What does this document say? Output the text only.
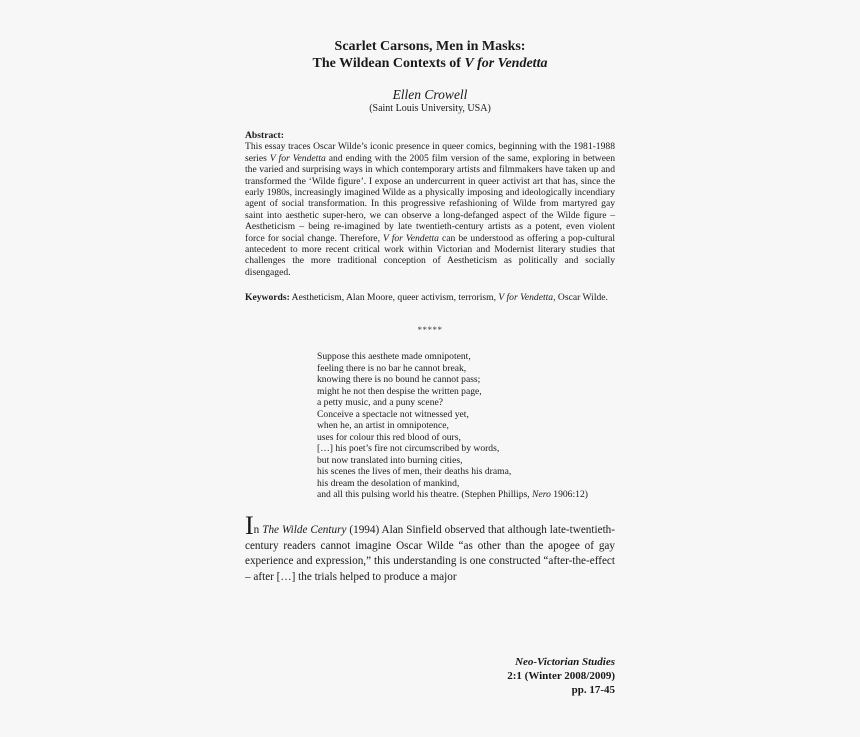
Scarlet Carsons, Men in Masks:
The Wildean Contexts of V for Vendetta
Ellen Crowell
(Saint Louis University, USA)
Abstract:
This essay traces Oscar Wilde’s iconic presence in queer comics, beginning with the 1981-1988 series V for Vendetta and ending with the 2005 film version of the same, exploring in between the varied and surprising ways in which contemporary artists and filmmakers have taken up and transformed the ‘Wilde figure’. I expose an undercurrent in queer activist art that has, since the early 1980s, increasingly imagined Wilde as a physically imposing and ideologically incendiary agent of social transformation. In this progressive refashioning of Wilde from martyred gay saint into aesthetic super-hero, we can observe a long-defanged aspect of the Wilde figure –Aestheticism – being re-imagined by late twentieth-century artists as a potent, even violent force for social change. Therefore, V for Vendetta can be understood as offering a pop-cultural antecedent to more recent critical work within Victorian and Modernist literary studies that challenges the more traditional conception of Aestheticism as politically and socially disengaged.
Keywords: Aestheticism, Alan Moore, queer activism, terrorism, V for Vendetta, Oscar Wilde.
*****
Suppose this aesthete made omnipotent,
feeling there is no bar he cannot break,
knowing there is no bound he cannot pass;
might he not then despise the written page,
a petty music, and a puny scene?
Conceive a spectacle not witnessed yet,
when he, an artist in omnipotence,
uses for colour this red blood of ours,
[…] his poet’s fire not circumscribed by words,
but now translated into burning cities,
his scenes the lives of men, their deaths his drama,
his dream the desolation of mankind,
and all this pulsing world his theatre. (Stephen Phillips, Nero 1906:12)
In The Wilde Century (1994) Alan Sinfield observed that although late-twentieth-century readers cannot imagine Oscar Wilde “as other than the apogee of gay experience and expression,” this understanding is one constructed “after-the-effect – after […] the trials helped to produce a major
Neo-Victorian Studies
2:1 (Winter 2008/2009)
pp. 17-45
